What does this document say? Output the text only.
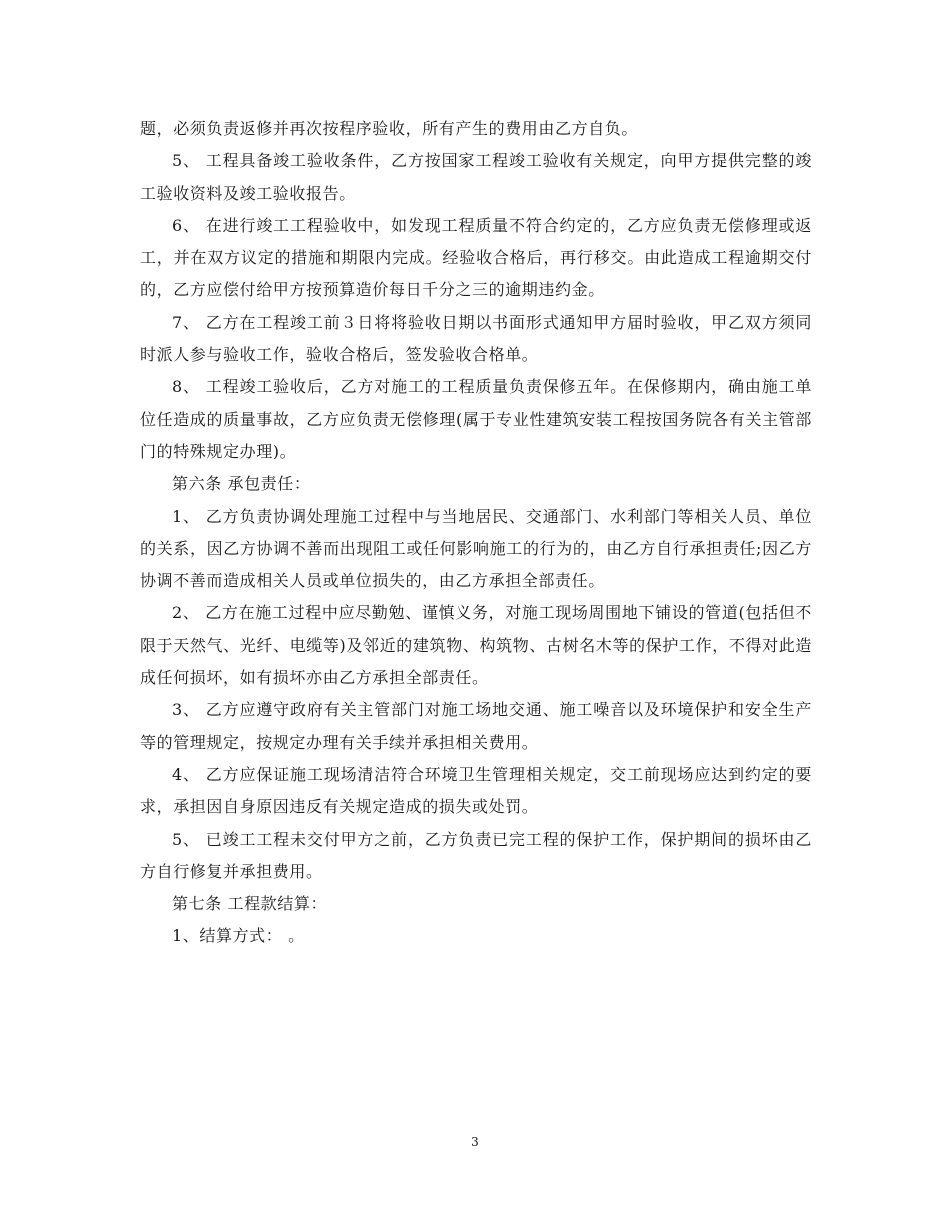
题，必须负责返修并再次按程序验收，所有产生的费用由乙方自负。

5、 工程具备竣工验收条件，乙方按国家工程竣工验收有关规定，向甲方提供完整的竣工验收资料及竣工验收报告。

6、 在进行竣工工程验收中，如发现工程质量不符合约定的，乙方应负责无偿修理或返工，并在双方议定的措施和期限内完成。经验收合格后，再行移交。由此造成工程逾期交付的，乙方应偿付给甲方按预算造价每日千分之三的逾期违约金。

7、 乙方在工程竣工前３日将将验收日期以书面形式通知甲方届时验收，甲乙双方须同时派人参与验收工作，验收合格后，签发验收合格单。

8、 工程竣工验收后，乙方对施工的工程质量负责保修五年。在保修期内，确由施工单位任造成的质量事故，乙方应负责无偿修理(属于专业性建筑安装工程按国务院各有关主管部门的特殊规定办理)。

第六条 承包责任：

1、 乙方负责协调处理施工过程中与当地居民、交通部门、水利部门等相关人员、单位的关系，因乙方协调不善而出现阻工或任何影响施工的行为的，由乙方自行承担责任;因乙方协调不善而造成相关人员或单位损失的，由乙方承担全部责任。

2、 乙方在施工过程中应尽勤勉、谨慎义务，对施工现场周围地下铺设的管道(包括但不限于天然气、光纤、电缆等)及邻近的建筑物、构筑物、古树名木等的保护工作，不得对此造成任何损坏，如有损坏亦由乙方承担全部责任。

3、 乙方应遵守政府有关主管部门对施工场地交通、施工噪音以及环境保护和安全生产等的管理规定，按规定办理有关手续并承担相关费用。

4、 乙方应保证施工现场清洁符合环境卫生管理相关规定，交工前现场应达到约定的要求，承担因自身原因违反有关规定造成的损失或处罚。

5、 已竣工工程未交付甲方之前，乙方负责已完工程的保护工作，保护期间的损坏由乙方自行修复并承担费用。

第七条 工程款结算：

1、结算方式： 。

3
